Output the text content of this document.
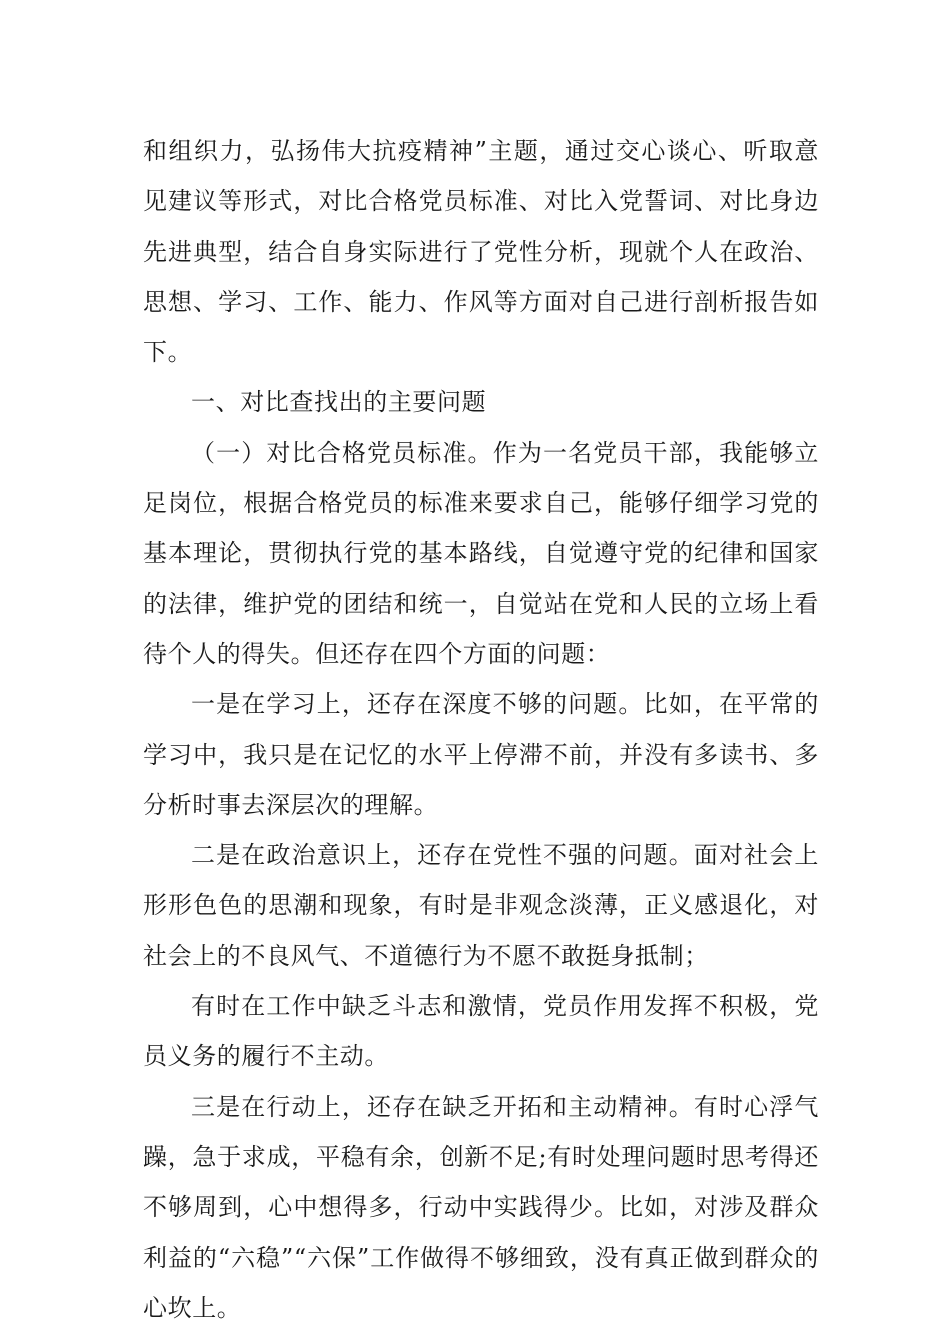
和组织力，弘扬伟大抗疫精神”主题，通过交心谈心、听取意见建议等形式，对比合格党员标准、对比入党誓词、对比身边先进典型，结合自身实际进行了党性分析，现就个人在政治、思想、学习、工作、能力、作风等方面对自己进行剖析报告如下。

一、对比查找出的主要问题

（一）对比合格党员标准。作为一名党员干部，我能够立足岗位，根据合格党员的标准来要求自己，能够仔细学习党的基本理论，贯彻执行党的基本路线，自觉遵守党的纪律和国家的法律，维护党的团结和统一，自觉站在党和人民的立场上看待个人的得失。但还存在四个方面的问题：

一是在学习上，还存在深度不够的问题。比如，在平常的学习中，我只是在记忆的水平上停滞不前，并没有多读书、多分析时事去深层次的理解。

二是在政治意识上，还存在党性不强的问题。面对社会上形形色色的思潮和现象，有时是非观念淡薄，正义感退化，对社会上的不良风气、不道德行为不愿不敢挺身抵制；

有时在工作中缺乏斗志和激情，党员作用发挥不积极，党员义务的履行不主动。

三是在行动上，还存在缺乏开拓和主动精神。有时心浮气躁，急于求成，平稳有余，创新不足;有时处理问题时思考得还不够周到，心中想得多，行动中实践得少。比如，对涉及群众利益的“六稳”“六保”工作做得不够细致，没有真正做到群众的心坎上。
